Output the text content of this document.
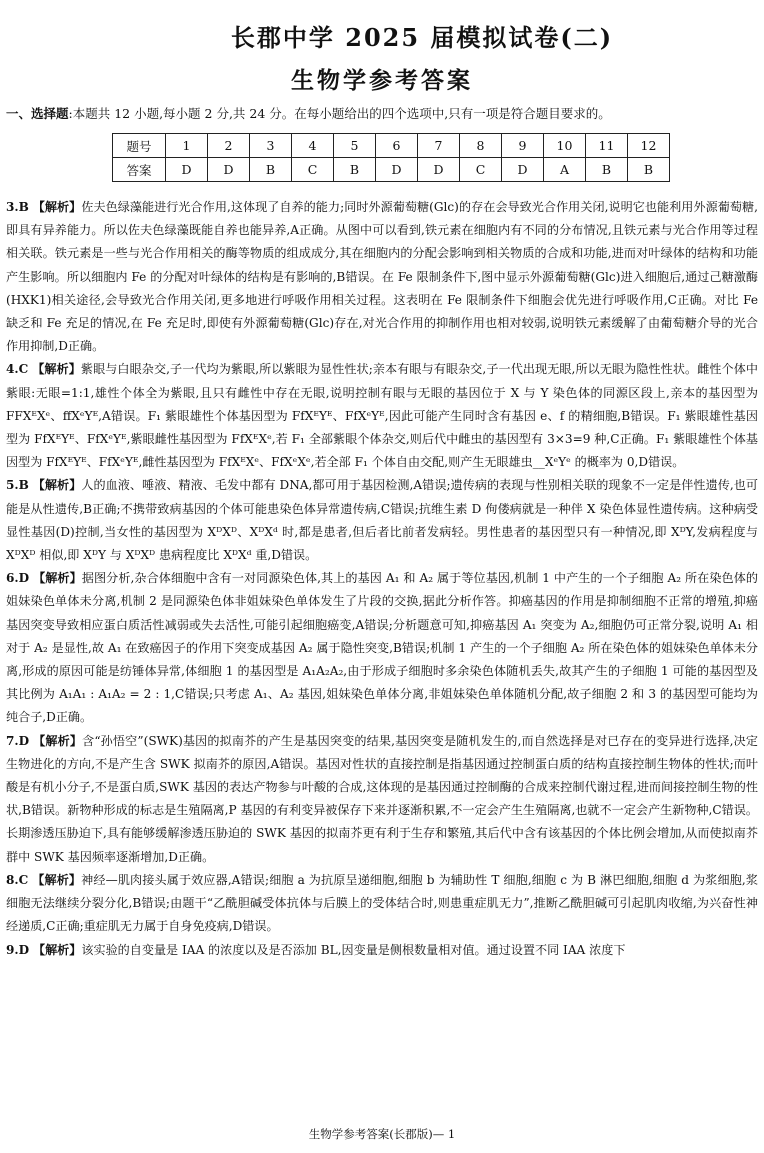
长郡中学 2025 届模拟试卷(二)
生物学参考答案
一、选择题:本题共 12 小题,每小题 2 分,共 24 分。在每小题给出的四个选项中,只有一项是符合题目要求的。
题号	1	2	3	4	5	6	7	8	9	10	11	12
答案	D	D	B	C	B	D	D	C	D	A	B	B

3.B 【解析】佐夫色绿藻能进行光合作用,这体现了自养的能力;同时外源葡萄糖(Glc)的存在会导致光合作用关闭,说明它也能利用外源葡萄糖,即具有异养能力。所以佐夫色绿藻既能自养也能异养,A正确。从图中可以看到,铁元素在细胞内有不同的分布情况,且铁元素与光合作用等过程相关联。铁元素是一些与光合作用相关的酶等物质的组成成分,其在细胞内的分配会影响到相关物质的合成和功能,进而对叶绿体的结构和功能产生影响。所以细胞内 Fe 的分配对叶绿体的结构是有影响的,B错误。在 Fe 限制条件下,图中显示外源葡萄糖(Glc)进入细胞后,通过己糖激酶(HXK1)相关途径,会导致光合作用关闭,更多地进行呼吸作用相关过程。这表明在 Fe 限制条件下细胞会优先进行呼吸作用,C正确。对比 Fe 缺乏和 Fe 充足的情况,在 Fe 充足时,即使有外源葡萄糖(Glc)存在,对光合作用的抑制作用也相对较弱,说明铁元素缓解了由葡萄糖介导的光合作用抑制,D正确。

4.C 【解析】紫眼与白眼杂交,子一代均为紫眼,所以紫眼为显性性状;亲本有眼与有眼杂交,子一代出现无眼,所以无眼为隐性性状。雌性个体中紫眼:无眼=1:1,雄性个体全为紫眼,且只有雌性中存在无眼,说明控制有眼与无眼的基因位于 X 与 Y 染色体的同源区段上,亲本的基因型为 FFXᴱXᵉ、ffXᵉYᴱ,A错误。F₁ 紫眼雄性个体基因型为 FfXᴱYᴱ、FfXᵉYᴱ,因此可能产生同时含有基因 e、f 的精细胞,B错误。F₁ 紫眼雄性基因型为 FfXᴱYᴱ、FfXᵉYᴱ,紫眼雌性基因型为 FfXᴱXᵉ,若 F₁ 全部紫眼个体杂交,则后代中雌虫的基因型有 3×3=9 种,C正确。F₁ 紫眼雄性个体基因型为 FfXᴱYᴱ、FfXᵉYᴱ,雌性基因型为 FfXᴱXᵉ、FfXᵉXᵉ,若全部 F₁ 个体自由交配,则产生无眼雄虫__XᵉYᵉ 的概率为 0,D错误。

5.B 【解析】人的血液、唾液、精液、毛发中都有 DNA,都可用于基因检测,A错误;遗传病的表现与性别相关联的现象不一定是伴性遗传,也可能是从性遗传,B正确;不携带致病基因的个体可能患染色体异常遗传病,C错误;抗维生素 D 佝偻病就是一种伴 X 染色体显性遗传病。这种病受显性基因(D)控制,当女性的基因型为 XᴰXᴰ、XᴰXᵈ 时,都是患者,但后者比前者发病轻。男性患者的基因型只有一种情况,即 XᴰY,发病程度与 XᴰXᴰ 相似,即 XᴰY 与 XᴰXᴰ 患病程度比 XᴰXᵈ 重,D错误。

6.D 【解析】据图分析,杂合体细胞中含有一对同源染色体,其上的基因 A₁ 和 A₂ 属于等位基因,机制 1 中产生的一个子细胞 A₂ 所在染色体的姐妹染色单体未分离,机制 2 是同源染色体非姐妹染色单体发生了片段的交换,据此分析作答。抑癌基因的作用是抑制细胞不正常的增殖,抑癌基因突变导致相应蛋白质活性减弱或失去活性,可能引起细胞癌变,A错误;分析题意可知,抑癌基因 A₁ 突变为 A₂,细胞仍可正常分裂,说明 A₁ 相对于 A₂ 是显性,故 A₁ 在致癌因子的作用下突变成基因 A₂ 属于隐性突变,B错误;机制 1 产生的一个子细胞 A₂ 所在染色体的姐妹染色单体未分离,形成的原因可能是纺锤体异常,体细胞 1 的基因型是 A₁A₂A₂,由于形成子细胞时多余染色体随机丢失,故其产生的子细胞 1 可能的基因型及其比例为 A₁A₁ : A₁A₂ = 2 : 1,C错误;只考虑 A₁、A₂ 基因,姐妹染色单体分离,非姐妹染色单体随机分配,故子细胞 2 和 3 的基因型可能均为纯合子,D正确。

7.D 【解析】含“孙悟空”(SWK)基因的拟南芥的产生是基因突变的结果,基因突变是随机发生的,而自然选择是对已存在的变异进行选择,决定生物进化的方向,不是产生含 SWK 拟南芥的原因,A错误。基因对性状的直接控制是指基因通过控制蛋白质的结构直接控制生物体的性状;而叶酸是有机小分子,不是蛋白质,SWK 基因的表达产物参与叶酸的合成,这体现的是基因通过控制酶的合成来控制代谢过程,进而间接控制生物的性状,B错误。新物种形成的标志是生殖隔离,P 基因的有利变异被保存下来并逐渐积累,不一定会产生生殖隔离,也就不一定会产生新物种,C错误。长期渗透压胁迫下,具有能够缓解渗透压胁迫的 SWK 基因的拟南芥更有利于生存和繁殖,其后代中含有该基因的个体比例会增加,从而使拟南芥群中 SWK 基因频率逐渐增加,D正确。

8.C 【解析】神经—肌肉接头属于效应器,A错误;细胞 a 为抗原呈递细胞,细胞 b 为辅助性 T 细胞,细胞 c 为 B 淋巴细胞,细胞 d 为浆细胞,浆细胞无法继续分裂分化,B错误;由题干“乙酰胆碱受体抗体与后膜上的受体结合时,则患重症肌无力”,推断乙酰胆碱可引起肌肉收缩,为兴奋性神经递质,C正确;重症肌无力属于自身免疫病,D错误。

9.D 【解析】该实验的自变量是 IAA 的浓度以及是否添加 BL,因变量是侧根数量相对值。通过设置不同 IAA 浓度下

生物学参考答案(长郡版)— 1
